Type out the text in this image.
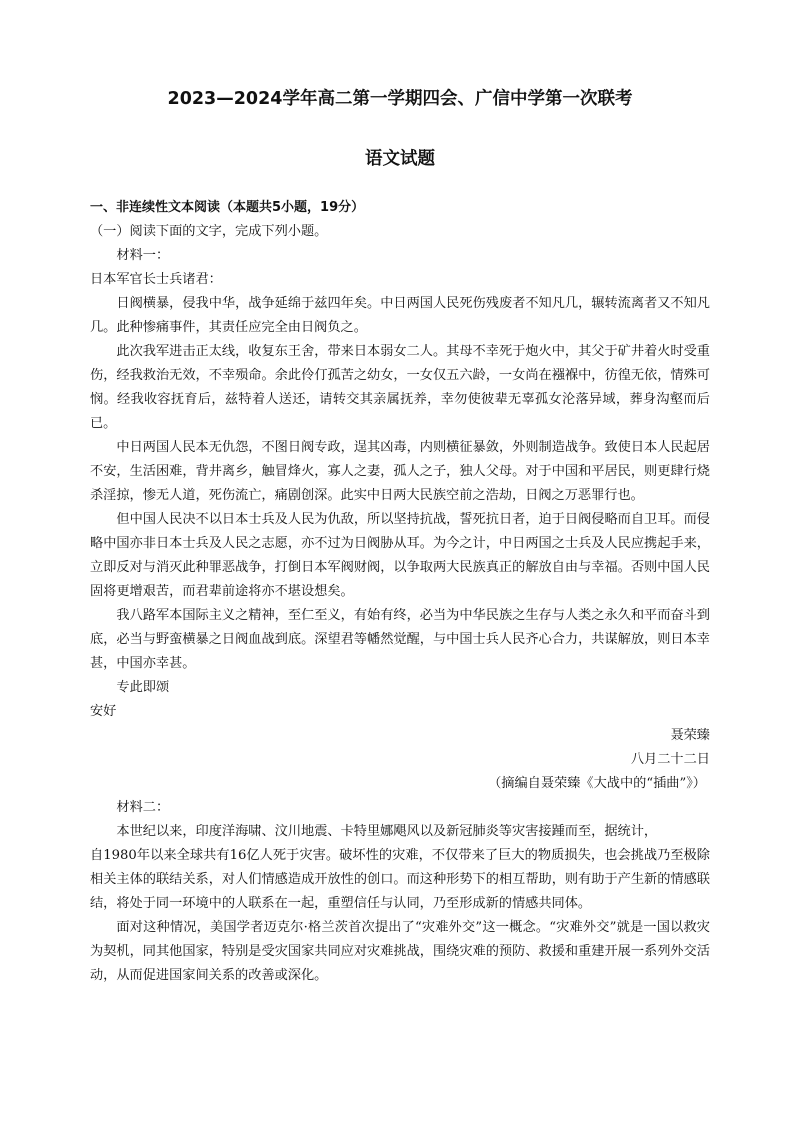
2023—2024学年高二第一学期四会、广信中学第一次联考
语文试题
一、非连续性文本阅读（本题共5小题，19分）

（一）阅读下面的文字，完成下列小题。

材料一：

日本军官长士兵诸君：

日阀横暴，侵我中华，战争延绵于兹四年矣。中日两国人民死伤残废者不知凡几，辗转流离者又不知凡几。此种惨痛事件，其责任应完全由日阀负之。

此次我军进击正太线，收复东王舍，带来日本弱女二人。其母不幸死于炮火中，其父于矿井着火时受重伤，经我救治无效，不幸殒命。余此伶仃孤苦之幼女，一女仅五六龄，一女尚在襁褓中，彷徨无依，情殊可悯。经我收容抚育后，兹特着人送还，请转交其亲属抚养，幸勿使彼辈无辜孤女沦落异域，葬身沟壑而后已。

中日两国人民本无仇怨，不图日阀专政，逞其凶毒，内则横征暴敛，外则制造战争。致使日本人民起居不安，生活困难，背井离乡，触冒烽火，寡人之妻，孤人之子，独人父母。对于中国和平居民，则更肆行烧杀淫掠，惨无人道，死伤流亡，痛剧创深。此实中日两大民族空前之浩劫，日阀之万恶罪行也。

但中国人民决不以日本士兵及人民为仇敌，所以坚持抗战，誓死抗日者，迫于日阀侵略而自卫耳。而侵略中国亦非日本士兵及人民之志愿，亦不过为日阀胁从耳。为今之计，中日两国之士兵及人民应携起手来，立即反对与消灭此种罪恶战争，打倒日本军阀财阀，以争取两大民族真正的解放自由与幸福。否则中国人民固将更增艰苦，而君辈前途将亦不堪设想矣。

我八路军本国际主义之精神，至仁至义，有始有终，必当为中华民族之生存与人类之永久和平而奋斗到底，必当与野蛮横暴之日阀血战到底。深望君等幡然觉醒，与中国士兵人民齐心合力，共谋解放，则日本幸甚，中国亦幸甚。

专此即颂

安好

聂荣臻

八月二十二日

（摘编自聂荣臻《大战中的“插曲”》）

材料二：

本世纪以来，印度洋海啸、汶川地震、卡特里娜飓风以及新冠肺炎等灾害接踵而至，据统计，

自1980年以来全球共有16亿人死于灾害。破坏性的灾难，不仅带来了巨大的物质损失，也会挑战乃至极除相关主体的联结关系，对人们情感造成开放性的创口。而这种形势下的相互帮助，则有助于产生新的情感联结，将处于同一环境中的人联系在一起，重塑信任与认同，乃至形成新的情感共同体。

面对这种情况，美国学者迈克尔·格兰茨首次提出了“灾难外交”这一概念。“灾难外交”就是一国以救灾为契机，同其他国家，特别是受灾国家共同应对灾难挑战，围绕灾难的预防、救援和重建开展一系列外交活动，从而促进国家间关系的改善或深化。
